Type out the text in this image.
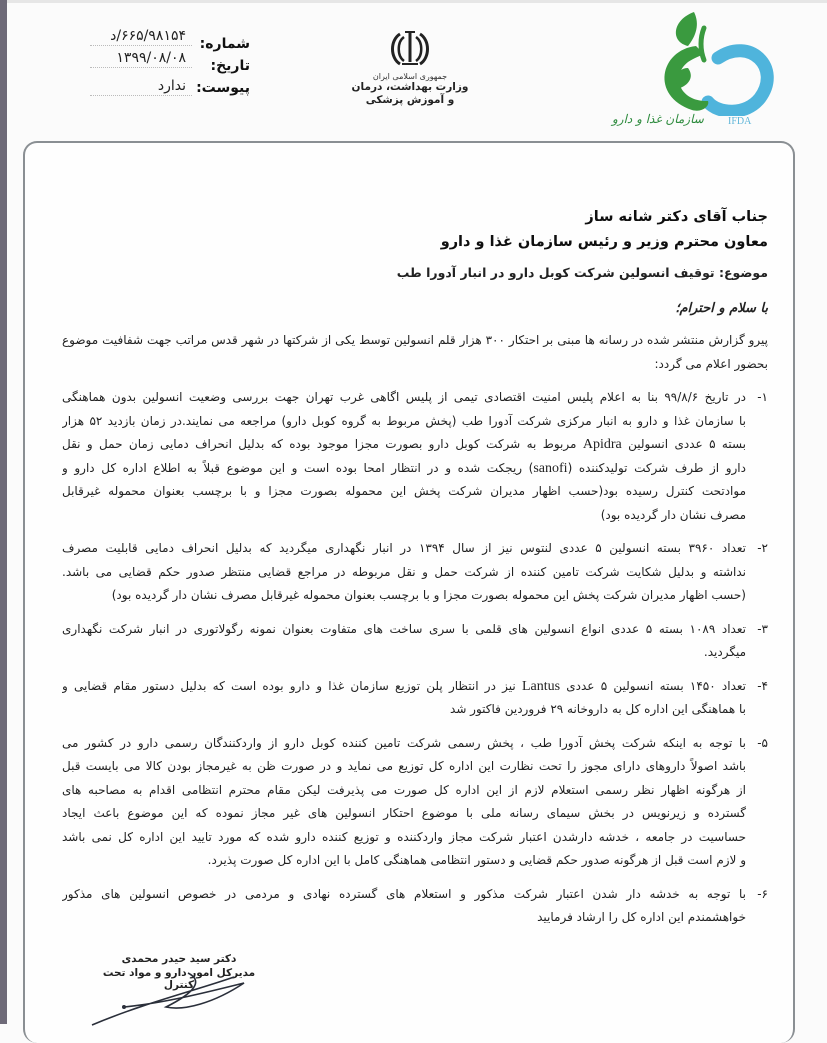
شماره:
۶۶۵/۹۸۱۵۴/د
تاریخ:
۱۳۹۹/۰۸/۰۸
پیوست:
ندارد
جمهوری اسلامی ایران
وزارت بهداشت، درمان
و آموزش پزشکی
سازمان غذا و دارو IFDA
جناب آقای دکتر شانه ساز
معاون محترم وزیر و رئیس سازمان غذا و دارو
موضوع: توقیف انسولین شرکت کوبل دارو در انبار آدورا طب
با سلام و احترام؛
پیرو گزارش منتشر شده در رسانه ها مبنی بر احتکار ۳۰۰ هزار قلم انسولین توسط یکی از شرکتها در شهر قدس مراتب جهت شفافیت موضوع
بحضور اعلام می گردد:
۱-
در تاریخ ۹۹/۸/۶ بنا به اعلام پلیس امنیت اقتصادی تیمی از پلیس اگاهی غرب تهران جهت بررسی وضعیت انسولین بدون هماهنگی
با سازمان غذا و دارو به انبار مرکزی شرکت آدورا طب (پخش مربوط به گروه کوبل دارو) مراجعه می نمایند.در زمان بازدید ۵۲ هزار
بسته ۵ عددی انسولین Apidra مربوط به شرکت کوبل دارو بصورت مجزا موجود بوده که بدلیل انحراف دمایی زمان حمل و نقل
دارو از طرف شرکت تولیدکننده (sanofi) ریجکت شده و در انتظار امحا بوده است و این موضوع قبلاً به اطلاع اداره کل دارو و
موادتحت کنترل رسیده بود(حسب اظهار مدیران شرکت پخش این محموله بصورت مجزا و با برچسب بعنوان محموله غیرقابل
مصرف نشان دار گردیده بود)
۲-
تعداد ۳۹۶۰ بسته انسولین ۵ عددی لنتوس نیز از سال ۱۳۹۴ در انبار نگهداری میگردید که بدلیل انحراف دمایی قابلیت مصرف
نداشته و بدلیل شکایت شرکت تامین کننده از شرکت حمل و نقل مربوطه در مراجع قضایی منتظر صدور حکم قضایی می باشد.
(حسب اظهار مدیران شرکت پخش این محموله بصورت مجزا و با برچسب بعنوان محموله غیرقابل مصرف نشان دار گردیده بود)
۳-
تعداد ۱۰۸۹ بسته ۵ عددی انواع انسولین های قلمی با سری ساخت های متفاوت بعنوان نمونه رگولاتوری در انبار شرکت نگهداری
میگردید.
۴-
تعداد ۱۴۵۰ بسته انسولین ۵ عددی Lantus نیز در انتظار پلن توزیع سازمان غذا و دارو بوده است که بدلیل دستور مقام قضایی و
با هماهنگی این اداره کل به داروخانه ۲۹ فروردین فاکتور شد
۵-
با توجه به اینکه شرکت پخش آدورا طب ، پخش رسمی شرکت تامین کننده کوبل دارو از واردکنندگان رسمی دارو در کشور می
باشد اصولاً داروهای دارای مجوز را تحت نظارت این اداره کل توزیع می نماید و در صورت ظن به غیرمجاز بودن کالا می بایست قبل
از هرگونه اظهار نظر رسمی استعلام لازم از این اداره کل صورت می پذیرفت لیکن مقام محترم انتظامی اقدام به مصاحبه های
گسترده و زیرنویس در بخش سیمای رسانه ملی با موضوع احتکار انسولین های غیر مجاز نموده که این موضوع باعث ایجاد
حساسیت در جامعه ، خدشه دارشدن اعتبار شرکت مجاز واردکننده و توزیع کننده دارو شده که مورد تایید این اداره کل نمی باشد
و لازم است قبل از هرگونه صدور حکم قضایی و دستور انتظامی هماهنگی کامل با این اداره کل صورت پذیرد.
۶-
با توجه به خدشه دار شدن اعتبار شرکت مذکور و استعلام های گسترده نهادی و مردمی در خصوص انسولین های مذکور
خواهشمندم این اداره کل را ارشاد فرمایید
دکتر سید حیدر محمدی
مدیرکل امور دارو و مواد تحت کنترل
